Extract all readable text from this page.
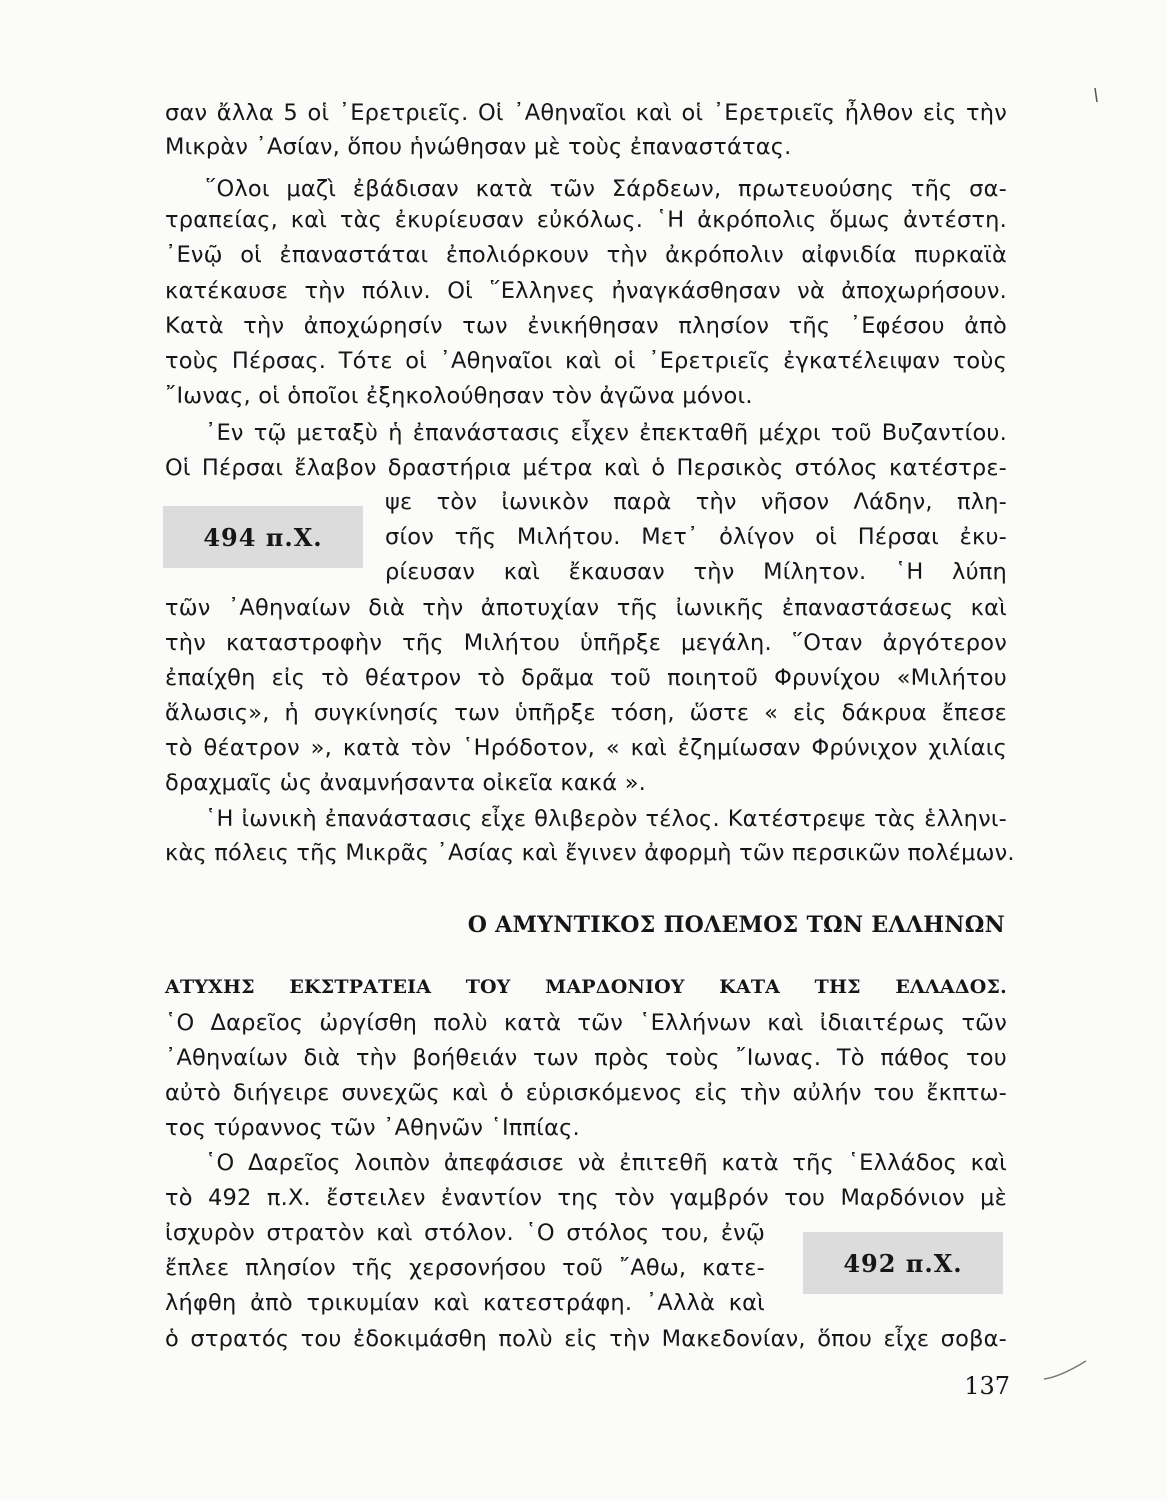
σαν ἄλλα 5 οἱ ᾿Ερετριεῖς. Οἱ ᾿Αθηναῖοι καὶ οἱ ᾿Ερετριεῖς ἦλθον εἰς τὴν
Μικρὰν ᾿Ασίαν, ὅπου ἡνώθησαν μὲ τοὺς ἐπαναστάτας.
῞Ολοι μαζὶ ἐβάδισαν κατὰ τῶν Σάρδεων, πρωτευούσης τῆς σα-
τραπείας, καὶ τὰς ἐκυρίευσαν εὐκόλως. ῾Η ἀκρόπολις ὅμως ἀντέστη.
᾿Ενῷ οἱ ἐπαναστάται ἐπολιόρκουν τὴν ἀκρόπολιν αἰφνιδία πυρκαϊὰ
κατέκαυσε τὴν πόλιν. Οἱ ῞Ελληνες ἠναγκάσθησαν νὰ ἀποχωρήσουν.
Κατὰ τὴν ἀποχώρησίν των ἐνικήθησαν πλησίον τῆς ᾿Εφέσου ἀπὸ
τοὺς Πέρσας. Τότε οἱ ᾿Αθηναῖοι καὶ οἱ ᾿Ερετριεῖς ἐγκατέλειψαν τοὺς
῎Ιωνας, οἱ ὁποῖοι ἐξηκολούθησαν τὸν ἀγῶνα μόνοι.
᾿Εν τῷ μεταξὺ ἡ ἐπανάστασις εἶχεν ἐπεκταθῆ μέχρι τοῦ Βυζαντίου.
Οἱ Πέρσαι ἔλαβον δραστήρια μέτρα καὶ ὁ Περσικὸς στόλος κατέστρε-
494 π.Χ.
ψε τὸν ἰωνικὸν παρὰ τὴν νῆσον Λάδην, πλη-
σίον τῆς Μιλήτου. Μετ᾿ ὀλίγον οἱ Πέρσαι ἐκυ-
ρίευσαν καὶ ἔκαυσαν τὴν Μίλητον. ῾Η λύπη
τῶν ᾿Αθηναίων διὰ τὴν ἀποτυχίαν τῆς ἰωνικῆς ἐπαναστάσεως καὶ
τὴν καταστροφὴν τῆς Μιλήτου ὑπῆρξε μεγάλη. ῞Οταν ἀργότερον
ἐπαίχθη εἰς τὸ θέατρον τὸ δρᾶμα τοῦ ποιητοῦ Φρυνίχου «Μιλήτου
ἅλωσις», ἡ συγκίνησίς των ὑπῆρξε τόση, ὥστε « εἰς δάκρυα ἔπεσε
τὸ θέατρον », κατὰ τὸν ῾Ηρόδοτον, « καὶ ἐζημίωσαν Φρύνιχον χιλίαις
δραχμαῖς ὡς ἀναμνήσαντα οἰκεῖα κακά ».
῾Η ἰωνικὴ ἐπανάστασις εἶχε θλιβερὸν τέλος. Κατέστρεψε τὰς ἑλληνι-
κὰς πόλεις τῆς Μικρᾶς ᾿Ασίας καὶ ἔγινεν ἀφορμὴ τῶν περσικῶν πολέμων.
Ο ΑΜΥΝΤΙΚΟΣ ΠΟΛΕΜΟΣ ΤΩΝ ΕΛΛΗΝΩΝ
ΑΤΥΧΗΣ ΕΚΣΤΡΑΤΕΙΑ ΤΟΥ ΜΑΡΔΟΝΙΟΥ ΚΑΤΑ ΤΗΣ ΕΛΛΑΔΟΣ.
῾Ο Δαρεῖος ὠργίσθη πολὺ κατὰ τῶν ῾Ελλήνων καὶ ἰδιαιτέρως τῶν
᾿Αθηναίων διὰ τὴν βοήθειάν των πρὸς τοὺς ῎Ιωνας. Τὸ πάθος του
αὐτὸ διήγειρε συνεχῶς καὶ ὁ εὑρισκόμενος εἰς τὴν αὐλήν του ἔκπτω-
τος τύραννος τῶν ᾿Αθηνῶν ῾Ιππίας.
῾Ο Δαρεῖος λοιπὸν ἀπεφάσισε νὰ ἐπιτεθῆ κατὰ τῆς ῾Ελλάδος καὶ
τὸ 492 π.Χ. ἔστειλεν ἐναντίον της τὸν γαμβρόν του Μαρδόνιον μὲ
ἰσχυρὸν στρατὸν καὶ στόλον. ῾Ο στόλος του, ἐνῷ
ἔπλεε πλησίον τῆς χερσονήσου τοῦ ῎Αθω, κατε-
λήφθη ἀπὸ τρικυμίαν καὶ κατεστράφη. ᾿Αλλὰ καὶ
492 π.Χ.
ὁ στρατός του ἐδοκιμάσθη πολὺ εἰς τὴν Μακεδονίαν, ὅπου εἶχε σοβα-
137
